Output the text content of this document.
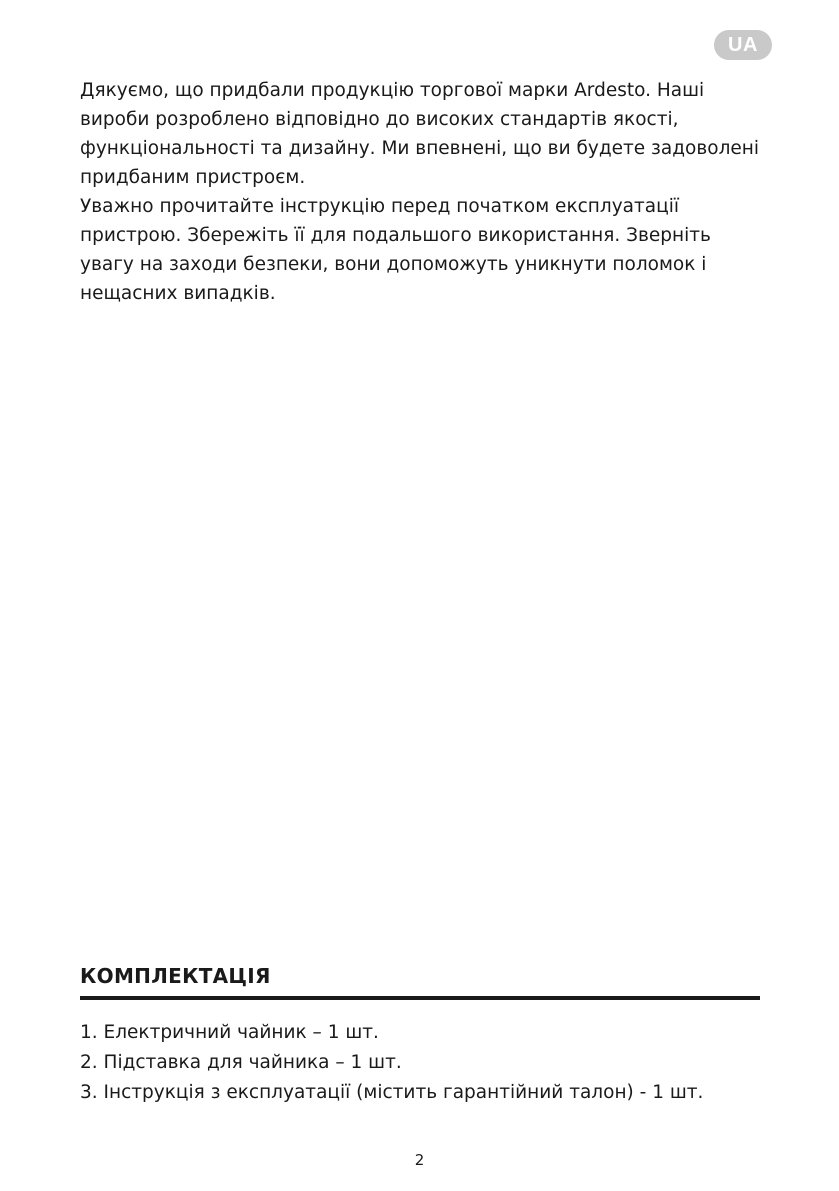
UA

Дякуємо, що придбали продукцію торгової марки Ardesto. Наші вироби розроблено відповідно до високих стандартів якості, функціональності та дизайну. Ми впевнені, що ви будете задоволені придбаним пристроєм.

Уважно прочитайте інструкцію перед початком експлуатації пристрою. Збережіть її для подальшого використання. Зверніть увагу на заходи безпеки, вони допоможуть уникнути поломок і нещасних випадків.

КОМПЛЕКТАЦІЯ
1. Електричний чайник – 1 шт.
2. Підставка для чайника – 1 шт.
3. Інструкція з експлуатації (містить гарантійний талон) - 1 шт.
2
